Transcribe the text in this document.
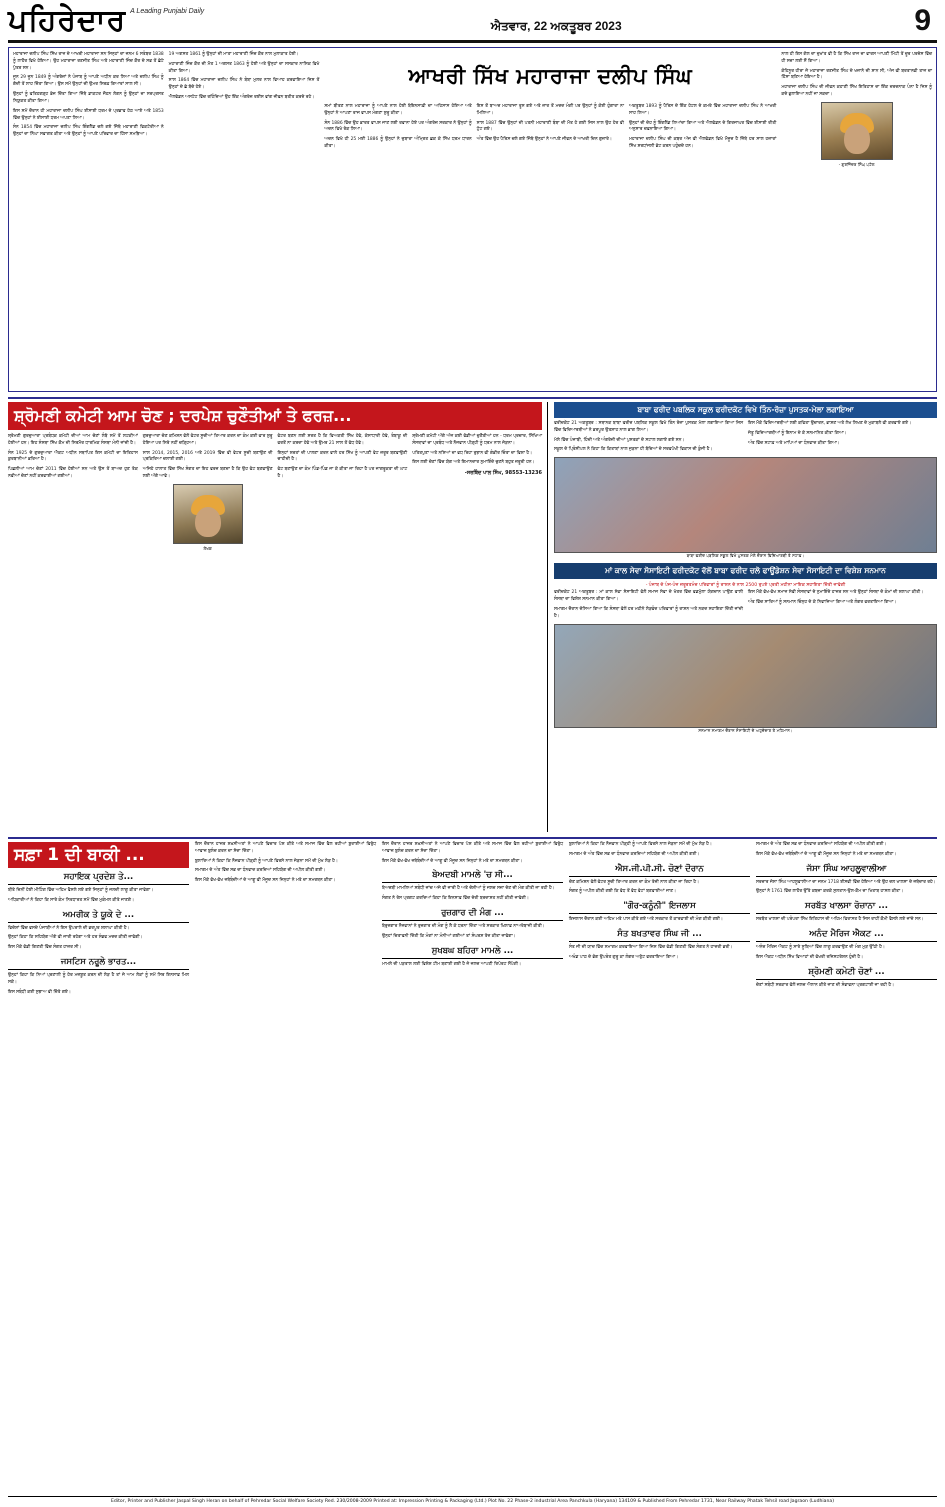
ਪਹਿਰੇਦਾਰ A Leading Punjabi Daily
ਐਤਵਾਰ, 22 ਅਕਤੂਬਰ 2023	9

ਮਹਾਰਾਜਾ ਦਲੀਪ ਸਿੰਘ ਸਿੱਖ ਰਾਜ ਦੇ ਆਖਰੀ ਮਹਾਰਾਜਾ ਸਨ ਜਿਨ੍ਹਾਂ ਦਾ ਜਨਮ 6 ਸਤੰਬਰ 1838 ਨੂੰ ਲਾਹੌਰ ਵਿਖੇ ਹੋਇਆ। ਉਹ ਮਹਾਰਾਜਾ ਰਣਜੀਤ ਸਿੰਘ ਅਤੇ ਮਹਾਰਾਣੀ ਜਿੰਦ ਕੌਰ ਦੇ ਸਭ ਤੋਂ ਛੋਟੇ ਪੁੱਤਰ ਸਨ।

ਜੂਨ 29 ਜੂਨ 1849 ਨੂੰ ਅੰਗਰੇਜ਼ਾਂ ਨੇ ਪੰਜਾਬ ਨੂੰ ਆਪਣੇ ਅਧੀਨ ਕਰ ਲਿਆ ਅਤੇ ਦਲੀਪ ਸਿੰਘ ਨੂੰ ਗੱਦੀ ਤੋਂ ਲਾਹ ਦਿੱਤਾ ਗਿਆ। ਉਸ ਸਮੇਂ ਉਨ੍ਹਾਂ ਦੀ ਉਮਰ ਸਿਰਫ਼ ਗਿਆਰਾਂ ਸਾਲ ਸੀ।

ਉਨ੍ਹਾਂ ਨੂੰ ਫਤਿਹਗੜ੍ਹ ਭੇਜ ਦਿੱਤਾ ਗਿਆ ਜਿੱਥੇ ਡਾਕਟਰ ਜੌਹਨ ਲੋਗਨ ਨੂੰ ਉਨ੍ਹਾਂ ਦਾ ਸਰਪ੍ਰਸਤ ਨਿਯੁਕਤ ਕੀਤਾ ਗਿਆ।

ਇਸ ਸਮੇਂ ਦੌਰਾਨ ਹੀ ਮਹਾਰਾਜਾ ਦਲੀਪ ਸਿੰਘ ਈਸਾਈ ਧਰਮ ਦੇ ਪ੍ਰਭਾਵ ਹੇਠ ਆਏ ਅਤੇ 1853 ਵਿੱਚ ਉਨ੍ਹਾਂ ਨੇ ਈਸਾਈ ਧਰਮ ਅਪਣਾ ਲਿਆ।

ਸੰਨ 1854 ਵਿੱਚ ਮਹਾਰਾਜਾ ਦਲੀਪ ਸਿੰਘ ਇੰਗਲੈਂਡ ਚਲੇ ਗਏ ਜਿੱਥੇ ਮਹਾਰਾਣੀ ਵਿਕਟੋਰੀਆ ਨੇ ਉਨ੍ਹਾਂ ਦਾ ਨਿੱਘਾ ਸਵਾਗਤ ਕੀਤਾ ਅਤੇ ਉਨ੍ਹਾਂ ਨੂੰ ਆਪਣੇ ਪਰਿਵਾਰ ਦਾ ਹਿੱਸਾ ਸਮਝਿਆ।

19 ਅਗਸਤ 1861 ਨੂੰ ਉਨ੍ਹਾਂ ਦੀ ਮਾਤਾ ਮਹਾਰਾਣੀ ਜਿੰਦ ਕੌਰ ਨਾਲ ਮੁਲਾਕਾਤ ਹੋਈ।

ਮਹਾਰਾਣੀ ਜਿੰਦ ਕੌਰ ਦੀ ਮੌਤ 1 ਅਗਸਤ 1863 ਨੂੰ ਹੋਈ ਅਤੇ ਉਨ੍ਹਾਂ ਦਾ ਸਸਕਾਰ ਨਾਸਿਕ ਵਿਖੇ ਕੀਤਾ ਗਿਆ।

ਸਾਲ 1864 ਵਿੱਚ ਮਹਾਰਾਜਾ ਦਲੀਪ ਸਿੰਘ ਨੇ ਬੰਬਾ ਮੁਲਰ ਨਾਲ ਵਿਆਹ ਕਰਵਾਇਆ ਜਿਸ ਤੋਂ ਉਨ੍ਹਾਂ ਦੇ ਛੇ ਬੱਚੇ ਹੋਏ।

ਐਲਵੇਡਨ ਅਸਟੇਟ ਵਿੱਚ ਰਹਿੰਦਿਆਂ ਉਹ ਇੱਕ ਅੰਗਰੇਜ਼ ਰਈਸ ਵਾਂਗ ਜੀਵਨ ਬਤੀਤ ਕਰਦੇ ਰਹੇ।

ਆਖਰੀ ਸਿੱਖ ਮਹਾਰਾਜਾ ਦਲੀਪ ਸਿੰਘ

ਸਮਾਂ ਬੀਤਣ ਨਾਲ ਮਹਾਰਾਜਾ ਨੂੰ ਆਪਣੇ ਨਾਲ ਹੋਈ ਬੇਇਨਸਾਫ਼ੀ ਦਾ ਅਹਿਸਾਸ ਹੋਇਆ ਅਤੇ ਉਨ੍ਹਾਂ ਨੇ ਆਪਣਾ ਰਾਜ ਵਾਪਸ ਮੰਗਣਾ ਸ਼ੁਰੂ ਕੀਤਾ।

ਸੰਨ 1886 ਵਿੱਚ ਉਹ ਭਾਰਤ ਵਾਪਸ ਜਾਣ ਲਈ ਰਵਾਨਾ ਹੋਏ ਪਰ ਅੰਗਰੇਜ਼ ਸਰਕਾਰ ਨੇ ਉਨ੍ਹਾਂ ਨੂੰ ਅਦਨ ਵਿਖੇ ਰੋਕ ਲਿਆ।

ਅਦਨ ਵਿਖੇ ਹੀ 25 ਮਈ 1886 ਨੂੰ ਉਨ੍ਹਾਂ ਨੇ ਦੁਬਾਰਾ ਅੰਮ੍ਰਿਤ ਛਕ ਕੇ ਸਿੱਖ ਧਰਮ ਧਾਰਨ ਕੀਤਾ।

ਇਸ ਤੋਂ ਬਾਅਦ ਮਹਾਰਾਜਾ ਰੂਸ ਗਏ ਅਤੇ ਜ਼ਾਰ ਤੋਂ ਮਦਦ ਮੰਗੀ ਪਰ ਉਨ੍ਹਾਂ ਨੂੰ ਕੋਈ ਹੁੰਗਾਰਾ ਨਾ ਮਿਲਿਆ।

ਸਾਲ 1887 ਵਿੱਚ ਉਨ੍ਹਾਂ ਦੀ ਪਤਨੀ ਮਹਾਰਾਣੀ ਬੰਬਾ ਦੀ ਮੌਤ ਹੋ ਗਈ ਜਿਸ ਨਾਲ ਉਹ ਹੋਰ ਵੀ ਟੁੱਟ ਗਏ।

ਅੰਤ ਵਿੱਚ ਉਹ ਪੈਰਿਸ ਚਲੇ ਗਏ ਜਿੱਥੇ ਉਨ੍ਹਾਂ ਨੇ ਆਪਣੇ ਜੀਵਨ ਦੇ ਆਖਰੀ ਦਿਨ ਗੁਜ਼ਾਰੇ।

ਅਕਤੂਬਰ 1893 ਨੂੰ ਪੈਰਿਸ ਦੇ ਇੱਕ ਹੋਟਲ ਦੇ ਕਮਰੇ ਵਿੱਚ ਮਹਾਰਾਜਾ ਦਲੀਪ ਸਿੰਘ ਨੇ ਆਖਰੀ ਸਾਹ ਲਿਆ।

ਉਨ੍ਹਾਂ ਦੀ ਦੇਹ ਨੂੰ ਇੰਗਲੈਂਡ ਲਿਆਂਦਾ ਗਿਆ ਅਤੇ ਐਲਵੇਡਨ ਦੇ ਗਿਰਜਾਘਰ ਵਿੱਚ ਈਸਾਈ ਰੀਤੀ ਅਨੁਸਾਰ ਦਫ਼ਨਾਇਆ ਗਿਆ।

ਮਹਾਰਾਜਾ ਦਲੀਪ ਸਿੰਘ ਦੀ ਕਬਰ ਅੱਜ ਵੀ ਐਲਵੇਡਨ ਵਿਖੇ ਮੌਜੂਦ ਹੈ ਜਿੱਥੇ ਹਰ ਸਾਲ ਹਜ਼ਾਰਾਂ ਸਿੱਖ ਸ਼ਰਧਾਂਜਲੀ ਭੇਟ ਕਰਨ ਪਹੁੰਚਦੇ ਹਨ।

ਨਾਲ ਹੀ ਇਸ ਗੱਲ ਦਾ ਦੁਖਾਂਤ ਵੀ ਹੈ ਕਿ ਸਿੱਖ ਰਾਜ ਦਾ ਵਾਰਸ ਆਪਣੀ ਮਿੱਟੀ ਤੋਂ ਦੂਰ ਪਰਦੇਸ ਵਿੱਚ ਹੀ ਸਦਾ ਲਈ ਸੌਂ ਗਿਆ।

ਕੋਹਿਨੂਰ ਹੀਰਾ ਜੋ ਮਹਾਰਾਜਾ ਰਣਜੀਤ ਸਿੰਘ ਦੇ ਖਜ਼ਾਨੇ ਦੀ ਸ਼ਾਨ ਸੀ, ਅੱਜ ਵੀ ਬਰਤਾਨਵੀ ਤਾਜ ਦਾ ਹਿੱਸਾ ਬਣਿਆ ਹੋਇਆ ਹੈ।

ਮਹਾਰਾਜਾ ਦਲੀਪ ਸਿੰਘ ਦੀ ਜੀਵਨ ਕਹਾਣੀ ਸਿੱਖ ਇਤਿਹਾਸ ਦਾ ਇੱਕ ਦਰਦਨਾਕ ਪੰਨਾ ਹੈ ਜਿਸ ਨੂੰ ਕਦੇ ਭੁਲਾਇਆ ਨਹੀਂ ਜਾ ਸਕਦਾ।

- ਗੁਰਜਿੰਦਰ ਸਿੰਘ ਪਟੇਲ
ਸ਼੍ਰੋਮਣੀ ਕਮੇਟੀ ਆਮ ਚੋਣ ; ਦਰਪੇਸ਼ ਚੁਣੌਤੀਆਂ ਤੇ ਫਰਜ਼...

ਸ਼੍ਰੋਮਣੀ ਗੁਰਦੁਆਰਾ ਪ੍ਰਬੰਧਕ ਕਮੇਟੀ ਦੀਆਂ ਆਮ ਚੋਣਾਂ ਲੰਬੇ ਸਮੇਂ ਤੋਂ ਲਟਕੀਆਂ ਹੋਈਆਂ ਹਨ। ਇਹ ਸੰਸਥਾ ਸਿੱਖ ਕੌਮ ਦੀ ਸਿਰਮੌਰ ਧਾਰਮਿਕ ਸੰਸਥਾ ਮੰਨੀ ਜਾਂਦੀ ਹੈ।

ਸੰਨ 1925 ਦੇ ਗੁਰਦੁਆਰਾ ਐਕਟ ਅਧੀਨ ਸਥਾਪਿਤ ਇਸ ਕਮੇਟੀ ਦਾ ਇਤਿਹਾਸ ਕੁਰਬਾਨੀਆਂ ਭਰਿਆ ਹੈ।

ਪਿਛਲੀਆਂ ਆਮ ਚੋਣਾਂ 2011 ਵਿੱਚ ਹੋਈਆਂ ਸਨ ਅਤੇ ਉਸ ਤੋਂ ਬਾਅਦ ਹੁਣ ਤੱਕ ਨਵੀਆਂ ਚੋਣਾਂ ਨਹੀਂ ਕਰਵਾਈਆਂ ਗਈਆਂ।

ਗੁਰਦੁਆਰਾ ਚੋਣ ਕਮਿਸ਼ਨ ਵੱਲੋਂ ਵੋਟਰ ਸੂਚੀਆਂ ਤਿਆਰ ਕਰਨ ਦਾ ਕੰਮ ਕਈ ਵਾਰ ਸ਼ੁਰੂ ਹੋਇਆ ਪਰ ਸਿਰੇ ਨਹੀਂ ਚੜ੍ਹਿਆ।

ਸਾਲ 2014, 2015, 2016 ਅਤੇ 2019 ਵਿੱਚ ਵੀ ਵੋਟਰ ਸੂਚੀ ਬਣਾਉਣ ਦੀ ਪ੍ਰਕਿਰਿਆ ਚਲਾਈ ਗਈ।

ਅਜਿਹੇ ਹਾਲਾਤ ਵਿੱਚ ਸਿੱਖ ਸੰਗਤ ਦਾ ਇਹ ਫਰਜ਼ ਬਣਦਾ ਹੈ ਕਿ ਉਹ ਵੋਟ ਬਣਵਾਉਣ ਲਈ ਅੱਗੇ ਆਵੇ।

ਲੇਖਕ

ਵੋਟਰ ਬਣਨ ਲਈ ਸ਼ਰਤ ਹੈ ਕਿ ਵਿਅਕਤੀ ਸਿੱਖ ਹੋਵੇ, ਕੇਸਾਧਾਰੀ ਹੋਵੇ, ਤੰਬਾਕੂ ਦੀ ਵਰਤੋਂ ਨਾ ਕਰਦਾ ਹੋਵੇ ਅਤੇ ਉਮਰ 21 ਸਾਲ ਤੋਂ ਵੱਧ ਹੋਵੇ।

ਇਨ੍ਹਾਂ ਸ਼ਰਤਾਂ ਦੀ ਪਾਲਣਾ ਕਰਨ ਵਾਲੇ ਹਰ ਸਿੱਖ ਨੂੰ ਆਪਣੀ ਵੋਟ ਜ਼ਰੂਰ ਬਣਵਾਉਣੀ ਚਾਹੀਦੀ ਹੈ।

ਵੋਟ ਬਣਾਉਣ ਦਾ ਕੰਮ ਪਿੰਡ-ਪਿੰਡ ਜਾ ਕੇ ਕੀਤਾ ਜਾ ਰਿਹਾ ਹੈ ਪਰ ਜਾਗਰੂਕਤਾ ਦੀ ਘਾਟ ਹੈ।

ਸ਼੍ਰੋਮਣੀ ਕਮੇਟੀ ਅੱਗੇ ਅੱਜ ਕਈ ਵੱਡੀਆਂ ਚੁਣੌਤੀਆਂ ਹਨ - ਧਰਮ ਪ੍ਰਚਾਰ, ਸਿੱਖਿਆ ਸੰਸਥਾਵਾਂ ਦਾ ਪ੍ਰਬੰਧ ਅਤੇ ਨੌਜਵਾਨ ਪੀੜ੍ਹੀ ਨੂੰ ਧਰਮ ਨਾਲ ਜੋੜਨਾ।

ਪਤਿਤਪੁਣਾ ਅਤੇ ਨਸ਼ਿਆਂ ਦਾ ਵਧ ਰਿਹਾ ਰੁਝਾਨ ਵੀ ਗੰਭੀਰ ਚਿੰਤਾ ਦਾ ਵਿਸ਼ਾ ਹੈ।

ਇਸ ਲਈ ਚੋਣਾਂ ਵਿੱਚ ਯੋਗ ਅਤੇ ਇਮਾਨਦਾਰ ਨੁਮਾਇੰਦੇ ਚੁਣਨੇ ਬਹੁਤ ਜ਼ਰੂਰੀ ਹਨ।

-ਸਰਬਿੰਦ ਪਾਲ ਸਿੰਘ, 98553-13236
ਬਾਬਾ ਫਰੀਦ ਪਬਲਿਕ ਸਕੂਲ ਫਰੀਦਕੋਟ ਵਿਖੇ ਤਿੰਨ-ਰੋਜ਼ਾ ਪੁਸਤਕ-ਮੇਲਾ ਲਗਾਇਆ

ਫਰੀਦਕੋਟ 21 ਅਕਤੂਬਰ : ਸਥਾਨਕ ਬਾਬਾ ਫਰੀਦ ਪਬਲਿਕ ਸਕੂਲ ਵਿਖੇ ਤਿੰਨ ਰੋਜ਼ਾ ਪੁਸਤਕ ਮੇਲਾ ਲਗਾਇਆ ਗਿਆ ਜਿਸ ਵਿੱਚ ਵਿਦਿਆਰਥੀਆਂ ਨੇ ਭਰਪੂਰ ਉਤਸ਼ਾਹ ਨਾਲ ਭਾਗ ਲਿਆ।

ਮੇਲੇ ਵਿੱਚ ਪੰਜਾਬੀ, ਹਿੰਦੀ ਅਤੇ ਅੰਗਰੇਜ਼ੀ ਦੀਆਂ ਪੁਸਤਕਾਂ ਦੇ ਸਟਾਲ ਲਗਾਏ ਗਏ ਸਨ।

ਸਕੂਲ ਦੇ ਪ੍ਰਿੰਸੀਪਲ ਨੇ ਕਿਹਾ ਕਿ ਕਿਤਾਬਾਂ ਨਾਲ ਜੁੜਨਾ ਹੀ ਬੱਚਿਆਂ ਦੇ ਸਰਵਪੱਖੀ ਵਿਕਾਸ ਦੀ ਕੁੰਜੀ ਹੈ।

ਇਸ ਮੌਕੇ ਵਿਦਿਆਰਥੀਆਂ ਲਈ ਕਵਿਤਾ ਉਚਾਰਨ, ਭਾਸ਼ਣ ਅਤੇ ਲੇਖ ਲਿਖਣ ਦੇ ਮੁਕਾਬਲੇ ਵੀ ਕਰਵਾਏ ਗਏ।

ਜੇਤੂ ਵਿਦਿਆਰਥੀਆਂ ਨੂੰ ਇਨਾਮ ਦੇ ਕੇ ਸਨਮਾਨਿਤ ਕੀਤਾ ਗਿਆ।

ਅੰਤ ਵਿੱਚ ਸਟਾਫ਼ ਅਤੇ ਮਾਪਿਆਂ ਦਾ ਧੰਨਵਾਦ ਕੀਤਾ ਗਿਆ।

ਬਾਬਾ ਫਰੀਦ ਪਬਲਿਕ ਸਕੂਲ ਵਿਖੇ ਪੁਸਤਕ ਮੇਲੇ ਦੌਰਾਨ ਵਿਦਿਆਰਥੀ ਤੇ ਸਟਾਫ਼।
ਮਾਂ ਕਾਲ ਸੇਵਾ ਸੋਸਾਇਟੀ ਫਰੀਦਕੋਟ ਵੱਲੋਂ ਬਾਬਾ ਫਰੀਦ ਚਲੋ ਫਾਊਂਡੇਸ਼ਨ ਸੇਵਾ ਸੋਸਾਇਟੀ ਦਾ ਵਿਸ਼ੇਸ਼ ਸਨਮਾਨ
- ਪੰਜਾਬ ਦੇ ਪੰਜ-ਪੰਜ ਜ਼ਰੂਰਤਮੰਦ ਪਰਿਵਾਰਾਂ ਨੂੰ ਰਾਸ਼ਨ ਦੇ ਨਾਲ 2500 ਰੁਪਏ ਪ੍ਰਤੀ ਮਹੀਨਾ ਮਾਇਕ ਸਹਾਇਤਾ ਦਿੱਤੀ ਜਾਵੇਗੀ

ਫਰੀਦਕੋਟ 21 ਅਕਤੂਬਰ : ਮਾਂ ਕਾਲ ਸੇਵਾ ਸੋਸਾਇਟੀ ਵੱਲੋਂ ਸਮਾਜ ਸੇਵਾ ਦੇ ਖੇਤਰ ਵਿੱਚ ਵਡਮੁੱਲਾ ਯੋਗਦਾਨ ਪਾਉਣ ਵਾਲੀ ਸੰਸਥਾ ਦਾ ਵਿਸ਼ੇਸ਼ ਸਨਮਾਨ ਕੀਤਾ ਗਿਆ।

ਸਮਾਗਮ ਦੌਰਾਨ ਦੱਸਿਆ ਗਿਆ ਕਿ ਸੰਸਥਾ ਵੱਲੋਂ ਹਰ ਮਹੀਨੇ ਲੋੜਵੰਦ ਪਰਿਵਾਰਾਂ ਨੂੰ ਰਾਸ਼ਨ ਅਤੇ ਨਕਦ ਸਹਾਇਤਾ ਦਿੱਤੀ ਜਾਂਦੀ ਹੈ।

ਇਸ ਮੌਕੇ ਵੱਖ-ਵੱਖ ਸਮਾਜ ਸੇਵੀ ਸੰਸਥਾਵਾਂ ਦੇ ਨੁਮਾਇੰਦੇ ਹਾਜ਼ਰ ਸਨ ਅਤੇ ਉਨ੍ਹਾਂ ਸੰਸਥਾ ਦੇ ਕੰਮਾਂ ਦੀ ਸ਼ਲਾਘਾ ਕੀਤੀ।

ਅੰਤ ਵਿੱਚ ਸਾਰਿਆਂ ਨੂੰ ਸਨਮਾਨ ਚਿੰਨ੍ਹ ਦੇ ਕੇ ਨਿਵਾਜਿਆ ਗਿਆ ਅਤੇ ਲੰਗਰ ਵਰਤਾਇਆ ਗਿਆ।

ਸਨਮਾਨ ਸਮਾਗਮ ਦੌਰਾਨ ਸੋਸਾਇਟੀ ਦੇ ਅਹੁਦੇਦਾਰ ਤੇ ਮਹਿਮਾਨ।
ਸਫ਼ਾ 1 ਦੀ ਬਾਕੀ ...
ਸਹਾਇਕ ਪ੍ਰਦੇਸ਼ ਤੇ...

ਬੀਤੇ ਦਿਨੀਂ ਹੋਈ ਮੀਟਿੰਗ ਵਿੱਚ ਅਹਿਮ ਫੈਸਲੇ ਲਏ ਗਏ ਜਿਨ੍ਹਾਂ ਨੂੰ ਜਲਦੀ ਲਾਗੂ ਕੀਤਾ ਜਾਵੇਗਾ।

ਅਧਿਕਾਰੀਆਂ ਨੇ ਕਿਹਾ ਕਿ ਸਾਰੇ ਕੰਮ ਨਿਰਧਾਰਤ ਸਮੇਂ ਵਿੱਚ ਮੁਕੰਮਲ ਕੀਤੇ ਜਾਣਗੇ।

ਅਮਰੀਕ ਤੇ ਯੂਕੇ ਦੇ ...

ਵਿਦੇਸ਼ਾਂ ਵਿੱਚ ਵਸਦੇ ਪੰਜਾਬੀਆਂ ਨੇ ਇਸ ਉਪਰਾਲੇ ਦੀ ਭਰਪੂਰ ਸ਼ਲਾਘਾ ਕੀਤੀ ਹੈ।

ਉਨ੍ਹਾਂ ਕਿਹਾ ਕਿ ਸਹਿਯੋਗ ਅੱਗੇ ਵੀ ਜਾਰੀ ਰਹੇਗਾ ਅਤੇ ਹਰ ਸੰਭਵ ਮਦਦ ਕੀਤੀ ਜਾਵੇਗੀ।

ਇਸ ਮੌਕੇ ਵੱਡੀ ਗਿਣਤੀ ਵਿੱਚ ਸੰਗਤ ਹਾਜ਼ਰ ਸੀ।

ਜਸਟਿਸ ਨਰੂਲੇ ਭਾਰਤ...

ਉਨ੍ਹਾਂ ਕਿਹਾ ਕਿ ਨਿਆਂ ਪ੍ਰਣਾਲੀ ਨੂੰ ਹੋਰ ਮਜ਼ਬੂਤ ਕਰਨ ਦੀ ਲੋੜ ਹੈ ਤਾਂ ਜੋ ਆਮ ਲੋਕਾਂ ਨੂੰ ਸਮੇਂ ਸਿਰ ਇਨਸਾਫ਼ ਮਿਲ ਸਕੇ।

ਇਸ ਸਬੰਧੀ ਕਈ ਸੁਝਾਅ ਵੀ ਦਿੱਤੇ ਗਏ।

ਇਸ ਦੌਰਾਨ ਹਾਜ਼ਰ ਸ਼ਖ਼ਸੀਅਤਾਂ ਨੇ ਆਪਣੇ ਵਿਚਾਰ ਪੇਸ਼ ਕੀਤੇ ਅਤੇ ਸਮਾਜ ਵਿੱਚ ਫੈਲ ਰਹੀਆਂ ਬੁਰਾਈਆਂ ਵਿਰੁੱਧ ਆਵਾਜ਼ ਬੁਲੰਦ ਕਰਨ ਦਾ ਸੱਦਾ ਦਿੱਤਾ।

ਬੁਲਾਰਿਆਂ ਨੇ ਕਿਹਾ ਕਿ ਨੌਜਵਾਨ ਪੀੜ੍ਹੀ ਨੂੰ ਆਪਣੇ ਵਿਰਸੇ ਨਾਲ ਜੋੜਨਾ ਸਮੇਂ ਦੀ ਮੁੱਖ ਲੋੜ ਹੈ।

ਸਮਾਗਮ ਦੇ ਅੰਤ ਵਿੱਚ ਸਭ ਦਾ ਧੰਨਵਾਦ ਕਰਦਿਆਂ ਸਹਿਯੋਗ ਦੀ ਅਪੀਲ ਕੀਤੀ ਗਈ।

ਇਸ ਮੌਕੇ ਵੱਖ-ਵੱਖ ਜਥੇਬੰਦੀਆਂ ਦੇ ਆਗੂ ਵੀ ਮੌਜੂਦ ਸਨ ਜਿਨ੍ਹਾਂ ਨੇ ਮਤੇ ਦਾ ਸਮਰਥਨ ਕੀਤਾ।

ਇਸ ਦੌਰਾਨ ਹਾਜ਼ਰ ਸ਼ਖ਼ਸੀਅਤਾਂ ਨੇ ਆਪਣੇ ਵਿਚਾਰ ਪੇਸ਼ ਕੀਤੇ ਅਤੇ ਸਮਾਜ ਵਿੱਚ ਫੈਲ ਰਹੀਆਂ ਬੁਰਾਈਆਂ ਵਿਰੁੱਧ ਆਵਾਜ਼ ਬੁਲੰਦ ਕਰਨ ਦਾ ਸੱਦਾ ਦਿੱਤਾ।

ਇਸ ਮੌਕੇ ਵੱਖ-ਵੱਖ ਜਥੇਬੰਦੀਆਂ ਦੇ ਆਗੂ ਵੀ ਮੌਜੂਦ ਸਨ ਜਿਨ੍ਹਾਂ ਨੇ ਮਤੇ ਦਾ ਸਮਰਥਨ ਕੀਤਾ।

ਬੇਅਦਬੀ ਮਾਮਲੇ 'ਚ ਸੀ...

ਬੇਅਦਬੀ ਮਾਮਲਿਆਂ ਸਬੰਧੀ ਜਾਂਚ ਅਜੇ ਵੀ ਜਾਰੀ ਹੈ ਅਤੇ ਦੋਸ਼ੀਆਂ ਨੂੰ ਜਲਦ ਸਜ਼ਾ ਦੇਣ ਦੀ ਮੰਗ ਕੀਤੀ ਜਾ ਰਹੀ ਹੈ।

ਸੰਗਤ ਨੇ ਰੋਸ ਪ੍ਰਗਟ ਕਰਦਿਆਂ ਕਿਹਾ ਕਿ ਇਨਸਾਫ਼ ਵਿੱਚ ਦੇਰੀ ਬਰਦਾਸ਼ਤ ਨਹੀਂ ਕੀਤੀ ਜਾਵੇਗੀ।

ਰੁਜ਼ਗਾਰ ਦੀ ਮੰਗ ...

ਬੇਰੁਜ਼ਗਾਰ ਨੌਜਵਾਨਾਂ ਨੇ ਰੁਜ਼ਗਾਰ ਦੀ ਮੰਗ ਨੂੰ ਲੈ ਕੇ ਧਰਨਾ ਦਿੱਤਾ ਅਤੇ ਸਰਕਾਰ ਖ਼ਿਲਾਫ਼ ਨਾਅਰੇਬਾਜ਼ੀ ਕੀਤੀ।

ਉਨ੍ਹਾਂ ਚਿਤਾਵਨੀ ਦਿੱਤੀ ਕਿ ਮੰਗਾਂ ਨਾ ਮੰਨੀਆਂ ਗਈਆਂ ਤਾਂ ਸੰਘਰਸ਼ ਤੇਜ਼ ਕੀਤਾ ਜਾਵੇਗਾ।

ਸੁਖਬਘ ਬਹਿਰਾ ਮਾਮਲੇ ...

ਮਾਮਲੇ ਦੀ ਪੜਤਾਲ ਲਈ ਵਿਸ਼ੇਸ਼ ਟੀਮ ਬਣਾਈ ਗਈ ਹੈ ਜੋ ਜਲਦ ਆਪਣੀ ਰਿਪੋਰਟ ਸੌਂਪੇਗੀ।

ਬੁਲਾਰਿਆਂ ਨੇ ਕਿਹਾ ਕਿ ਨੌਜਵਾਨ ਪੀੜ੍ਹੀ ਨੂੰ ਆਪਣੇ ਵਿਰਸੇ ਨਾਲ ਜੋੜਨਾ ਸਮੇਂ ਦੀ ਮੁੱਖ ਲੋੜ ਹੈ।

ਸਮਾਗਮ ਦੇ ਅੰਤ ਵਿੱਚ ਸਭ ਦਾ ਧੰਨਵਾਦ ਕਰਦਿਆਂ ਸਹਿਯੋਗ ਦੀ ਅਪੀਲ ਕੀਤੀ ਗਈ।

ਐਸ.ਜੀ.ਪੀ.ਸੀ. ਚੋਣਾਂ ਦੌਰਾਨ

ਚੋਣ ਕਮਿਸ਼ਨ ਵੱਲੋਂ ਵੋਟਰ ਸੂਚੀ ਤਿਆਰ ਕਰਨ ਦਾ ਕੰਮ ਤੇਜ਼ੀ ਨਾਲ ਕੀਤਾ ਜਾ ਰਿਹਾ ਹੈ।

ਸੰਗਤ ਨੂੰ ਅਪੀਲ ਕੀਤੀ ਗਈ ਕਿ ਵੱਧ ਤੋਂ ਵੱਧ ਵੋਟਾਂ ਬਣਵਾਈਆਂ ਜਾਣ।

"ਗੌਰ-ਕਨੂੰਨੀ" ਇਜਲਾਸ

ਇਜਲਾਸ ਦੌਰਾਨ ਕਈ ਅਹਿਮ ਮਤੇ ਪਾਸ ਕੀਤੇ ਗਏ ਅਤੇ ਸਰਕਾਰ ਤੋਂ ਕਾਰਵਾਈ ਦੀ ਮੰਗ ਕੀਤੀ ਗਈ।

ਸੰਤ ਬਖਤਾਵਰ ਸਿੰਘ ਜੀ ...

ਸੰਤ ਜੀ ਦੀ ਯਾਦ ਵਿੱਚ ਸਮਾਗਮ ਕਰਵਾਇਆ ਗਿਆ ਜਿਸ ਵਿੱਚ ਵੱਡੀ ਗਿਣਤੀ ਵਿੱਚ ਸੰਗਤ ਨੇ ਹਾਜ਼ਰੀ ਭਰੀ।

ਅਖੰਡ ਪਾਠ ਦੇ ਭੋਗ ਉਪਰੰਤ ਗੁਰੂ ਕਾ ਲੰਗਰ ਅਤੁੱਟ ਵਰਤਾਇਆ ਗਿਆ।

ਸਮਾਗਮ ਦੇ ਅੰਤ ਵਿੱਚ ਸਭ ਦਾ ਧੰਨਵਾਦ ਕਰਦਿਆਂ ਸਹਿਯੋਗ ਦੀ ਅਪੀਲ ਕੀਤੀ ਗਈ।

ਇਸ ਮੌਕੇ ਵੱਖ-ਵੱਖ ਜਥੇਬੰਦੀਆਂ ਦੇ ਆਗੂ ਵੀ ਮੌਜੂਦ ਸਨ ਜਿਨ੍ਹਾਂ ਨੇ ਮਤੇ ਦਾ ਸਮਰਥਨ ਕੀਤਾ।

ਜੱਸਾ ਸਿੰਘ ਆਹਲੂਵਾਲੀਆ

ਸਰਦਾਰ ਜੱਸਾ ਸਿੰਘ ਆਹਲੂਵਾਲੀਆ ਦਾ ਜਨਮ 1718 ਈਸਵੀ ਵਿੱਚ ਹੋਇਆ ਅਤੇ ਉਹ ਦਲ ਖਾਲਸਾ ਦੇ ਜਥੇਦਾਰ ਰਹੇ।

ਉਨ੍ਹਾਂ ਨੇ 1761 ਵਿੱਚ ਲਾਹੌਰ ਉੱਤੇ ਕਬਜ਼ਾ ਕਰਕੇ ਸੁਲਤਾਨ-ਉਲ-ਕੌਮ ਦਾ ਖਿਤਾਬ ਹਾਸਲ ਕੀਤਾ।

ਸਰਬੱਤ ਖਾਲਸਾ ਰੋਜ਼ਾਨਾ ...

ਸਰਬੱਤ ਖਾਲਸਾ ਦੀ ਪਰੰਪਰਾ ਸਿੱਖ ਇਤਿਹਾਸ ਦੀ ਅਹਿਮ ਵਿਰਾਸਤ ਹੈ ਜਿਸ ਰਾਹੀਂ ਕੌਮੀ ਫੈਸਲੇ ਲਏ ਜਾਂਦੇ ਸਨ।

ਅਨੰਦ ਮੈਰਿਜ ਐਕਟ ...

ਅਨੰਦ ਮੈਰਿਜ ਐਕਟ ਨੂੰ ਸਾਰੇ ਸੂਬਿਆਂ ਵਿੱਚ ਲਾਗੂ ਕਰਵਾਉਣ ਦੀ ਮੰਗ ਮੁੜ ਉੱਠੀ ਹੈ।

ਇਸ ਐਕਟ ਅਧੀਨ ਸਿੱਖ ਵਿਆਹਾਂ ਦੀ ਵੱਖਰੀ ਰਜਿਸਟਰੇਸ਼ਨ ਹੁੰਦੀ ਹੈ।

ਸ਼੍ਰੋਮਣੀ ਕਮੇਟੀ ਚੋਣਾਂ ...

ਚੋਣਾਂ ਸਬੰਧੀ ਸਰਕਾਰ ਵੱਲੋਂ ਜਲਦ ਐਲਾਨ ਕੀਤੇ ਜਾਣ ਦੀ ਸੰਭਾਵਨਾ ਪ੍ਰਗਟਾਈ ਜਾ ਰਹੀ ਹੈ।

Editor, Printer and Publisher Jaspal Singh Heran on behalf of Pehredar Social Welfare Society Red. 230/2008-2009 Printed at: Impression Printing & Packaging (Ltd.) Plot No. 22 Phase-2 industrial Area Panchkula (Haryana) 134109 & Published From Pehredar 1731, Near Railway Phatak Tehsil road Jagraon (Ludhiana)
